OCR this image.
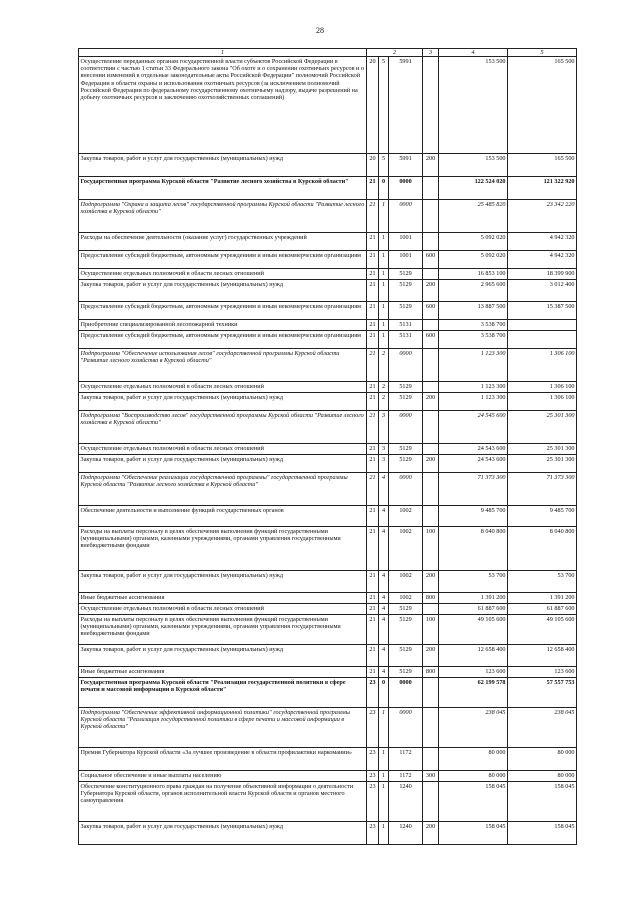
28
1	2			3	4	5
Осуществление переданных органам государственной власти субъектов Российской Федерации в соответствии с частью 1 статьи 33 Федерального закона "Об охоте и о сохранении охотничьих ресурсов и о внесении изменений в отдельные законодательные акты Российской Федерации" полномочий Российской Федерации в области охраны и использования охотничьих ресурсов (за исключением полномочий Российской Федерации по федеральному государственному охотничьему надзору, выдаче разрешений на добычу охотничьих ресурсов и заключению охотхозяйственных соглашений)	20	5	5991		153 500	165 500
Закупка товаров, работ и услуг для государственных (муниципальных) нужд	20	5	5991	200	153 500	165 500
Государственная программа Курской области "Развитие лесного хозяйства в Курской области"	21	0	0000		122 524 020	121 322 920
Подпрограмма "Охрана и защита лесов" государственной программы Курской области "Развитие лесного хозяйства в Курской области"	21	1	0000		25 485 820	23 342 220
Расходы на обеспечение деятельности (оказание услуг) государственных учреждений	21	1	1001		5 092 020	4 942 320
Предоставление субсидий бюджетным, автономным учреждениям и иным некоммерческим организациям	21	1	1001	600	5 092 020	4 942 320
Осуществление отдельных полномочий в области лесных отношений	21	1	5129		16 853 100	18 399 900
Закупка товаров, работ и услуг для государственных (муниципальных) нужд	21	1	5129	200	2 965 600	3 012 400
Предоставление субсидий бюджетным, автономным учреждениям и иным некоммерческим организациям	21	1	5129	600	13 887 500	15 387 500
Приобретение специализированной лесопожарной техники	21	1	5131		3 538 700	
Предоставление субсидий бюджетным, автономным учреждениям и иным некоммерческим организациям	21	1	5131	600	3 538 700	
Подпрограмма "Обеспечение использования лесов" государственной программы Курской области "Развитие лесного хозяйства в Курской области"	21	2	0000		1 123 300	1 306 100
Осуществление отдельных полномочий в области лесных отношений	21	2	5129		1 123 300	1 306 100
Закупка товаров, работ и услуг для государственных (муниципальных) нужд	21	2	5129	200	1 123 300	1 306 100
Подпрограмма "Воспроизводство лесов" государственной программы Курской области "Развитие лесного хозяйства в Курской области"	21	3	0000		24 545 600	25 301 300
Осуществление отдельных полномочий в области лесных отношений	21	3	5129		24 543 600	25 301 300
Закупка товаров, работ и услуг для государственных (муниципальных) нужд	21	3	5129	200	24 543 600	25 301 300
Подпрограмма "Обеспечение реализации государственной программы" государственной программы Курской области "Развитие лесного хозяйства в Курской области"	21	4	0000		71 373 300	71 373 300
Обеспечение деятельности и выполнение функций государственных органов	21	4	1002		9 485 700	9 485 700
Расходы на выплаты персоналу в целях обеспечения выполнения функций государственными (муниципальными) органами, казенными учреждениями, органами управления государственными внебюджетными фондами	21	4	1002	100	8 040 800	8 040 800
Закупка товаров, работ и услуг для государственных (муниципальных) нужд	21	4	1002	200	53 700	53 700
Иные бюджетные ассигнования	21	4	1002	800	1 391 200	1 391 200
Осуществление отдельных полномочий в области лесных отношений	21	4	5129		61 887 600	61 887 600
Расходы на выплаты персоналу в целях обеспечения выполнения функций государственными (муниципальными) органами, казенными учреждениями, органами управления государственными внебюджетными фондами	21	4	5129	100	49 105 600	49 105 600
Закупка товаров, работ и услуг для государственных (муниципальных) нужд	21	4	5129	200	12 658 400	12 658 400
Иные бюджетные ассигнования	21	4	5129	800	123 600	123 600
Государственная программа Курской области "Реализация государственной политики в сфере печати и массовой информации в Курской области"	23	0	0000		62 199 578	57 557 753
Подпрограмма "Обеспечение эффективной информационной политики" государственной программы Курской области "Реализация государственной политики в сфере печати и массовой информации в Курской области"	23	1	0000		238 045	238 045
Премия Губернатора Курской области «За лучшее произведение в области профилактики наркомании»	23	1	1172		80 000	80 000
Социальное обеспечение и иные выплаты населению	23	1	1172	300	80 000	80 000
Обеспечение конституционного права граждан на получение объективной информации о деятельности Губернатора Курской области, органов исполнительной власти Курской области и органов местного самоуправления	23	1	1240		158 045	158 045
Закупка товаров, работ и услуг для государственных (муниципальных) нужд	23	1	1240	200	158 045	158 045
